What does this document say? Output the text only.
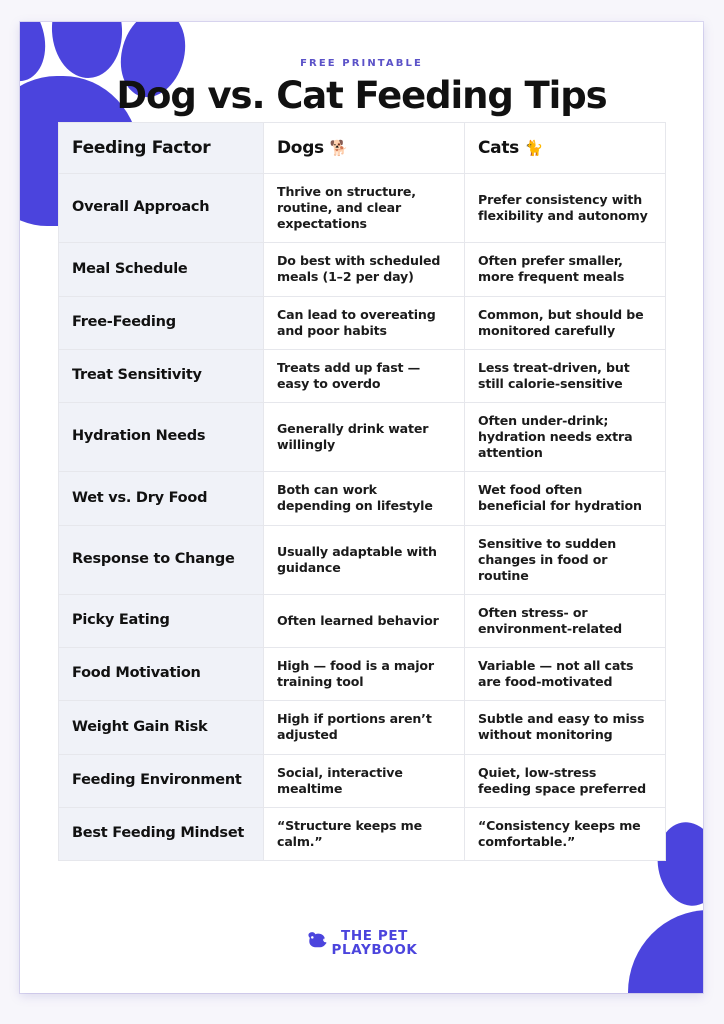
FREE PRINTABLE
Dog vs. Cat Feeding Tips
Feeding Factor	Dogs 🐕	Cats 🐈
Overall Approach	Thrive on structure, routine, and clear expectations	Prefer consistency with flexibility and autonomy
Meal Schedule	Do best with scheduled meals (1–2 per day)	Often prefer smaller, more frequent meals
Free-Feeding	Can lead to overeating and poor habits	Common, but should be monitored carefully
Treat Sensitivity	Treats add up fast — easy to overdo	Less treat-driven, but still calorie-sensitive
Hydration Needs	Generally drink water willingly	Often under-drink; hydration needs extra attention
Wet vs. Dry Food	Both can work depending on lifestyle	Wet food often beneficial for hydration
Response to Change	Usually adaptable with guidance	Sensitive to sudden changes in food or routine
Picky Eating	Often learned behavior	Often stress- or environment-related
Food Motivation	High — food is a major training tool	Variable — not all cats are food-motivated
Weight Gain Risk	High if portions aren’t adjusted	Subtle and easy to miss without monitoring
Feeding Environment	Social, interactive mealtime	Quiet, low-stress feeding space preferred
Best Feeding Mindset	“Structure keeps me calm.”	“Consistency keeps me comfortable.”
THE PET
PLAYBOOK
